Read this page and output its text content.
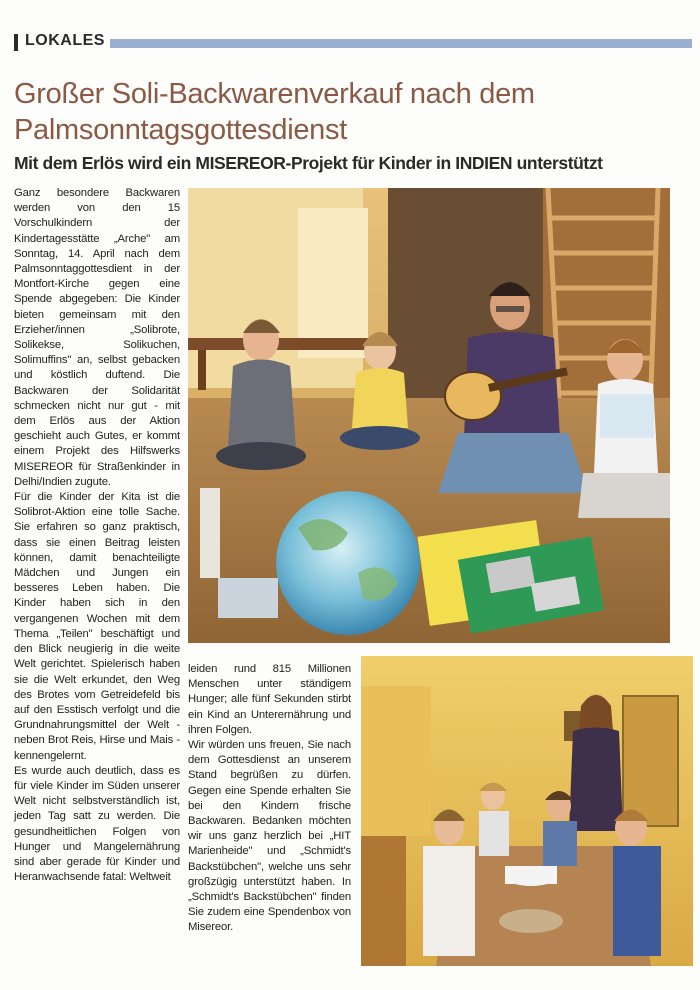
LOKALES
Großer Soli-Backwarenverkauf nach dem
Palmsonntagsgottesdienst
Mit dem Erlös wird ein MISEREOR-Projekt für Kinder in INDIEN unterstützt

Ganz besondere Backwaren werden von den 15 Vorschulkindern der Kindertagesstätte „Arche" am Sonntag, 14. April nach dem Palmsonntaggottesdient in der Montfort-Kirche gegen eine Spende abgegeben: Die Kinder bieten gemeinsam mit den Erzieher/innen „Solibrote, Solikekse, Solikuchen, Solimuffins" an, selbst gebacken und köstlich duftend. Die Backwaren der Solidarität schmecken nicht nur gut - mit dem Erlös aus der Aktion geschieht auch Gutes, er kommt einem Projekt des Hilfswerks MISEREOR für Straßenkinder in Delhi/Indien zugute.

Für die Kinder der Kita ist die Solibrot-Aktion eine tolle Sache. Sie erfahren so ganz praktisch, dass sie einen Beitrag leisten können, damit benachteiligte Mädchen und Jungen ein besseres Leben haben. Die Kinder haben sich in den vergangenen Wochen mit dem Thema „Teilen" beschäftigt und den Blick neugierig in die weite Welt gerichtet. Spielerisch haben sie die Welt erkundet, den Weg des Brotes vom Getreidefeld bis auf den Esstisch verfolgt und die Grundnahrungsmittel der Welt - neben Brot Reis, Hirse und Mais - kennengelernt.

Es wurde auch deutlich, dass es für viele Kinder im Süden unserer Welt nicht selbstverständlich ist, jeden Tag satt zu werden. Die gesundheitlichen Folgen von Hunger und Mangelernährung sind aber gerade für Kinder und Heranwachsende fatal: Weltweit

leiden rund 815 Millionen Menschen unter ständigem Hunger; alle fünf Sekunden stirbt ein Kind an Unterernährung und ihren Folgen.

Wir würden uns freuen, Sie nach dem Gottesdienst an unserem Stand begrüßen zu dürfen. Gegen eine Spende erhalten Sie bei den Kindern frische Backwaren. Bedanken möchten wir uns ganz herzlich bei „HIT Marienheide" und „Schmidt's Backstübchen", welche uns sehr großzügig unterstützt haben. In „Schmidt's Backstübchen" finden Sie zudem eine Spendenbox von Misereor.
